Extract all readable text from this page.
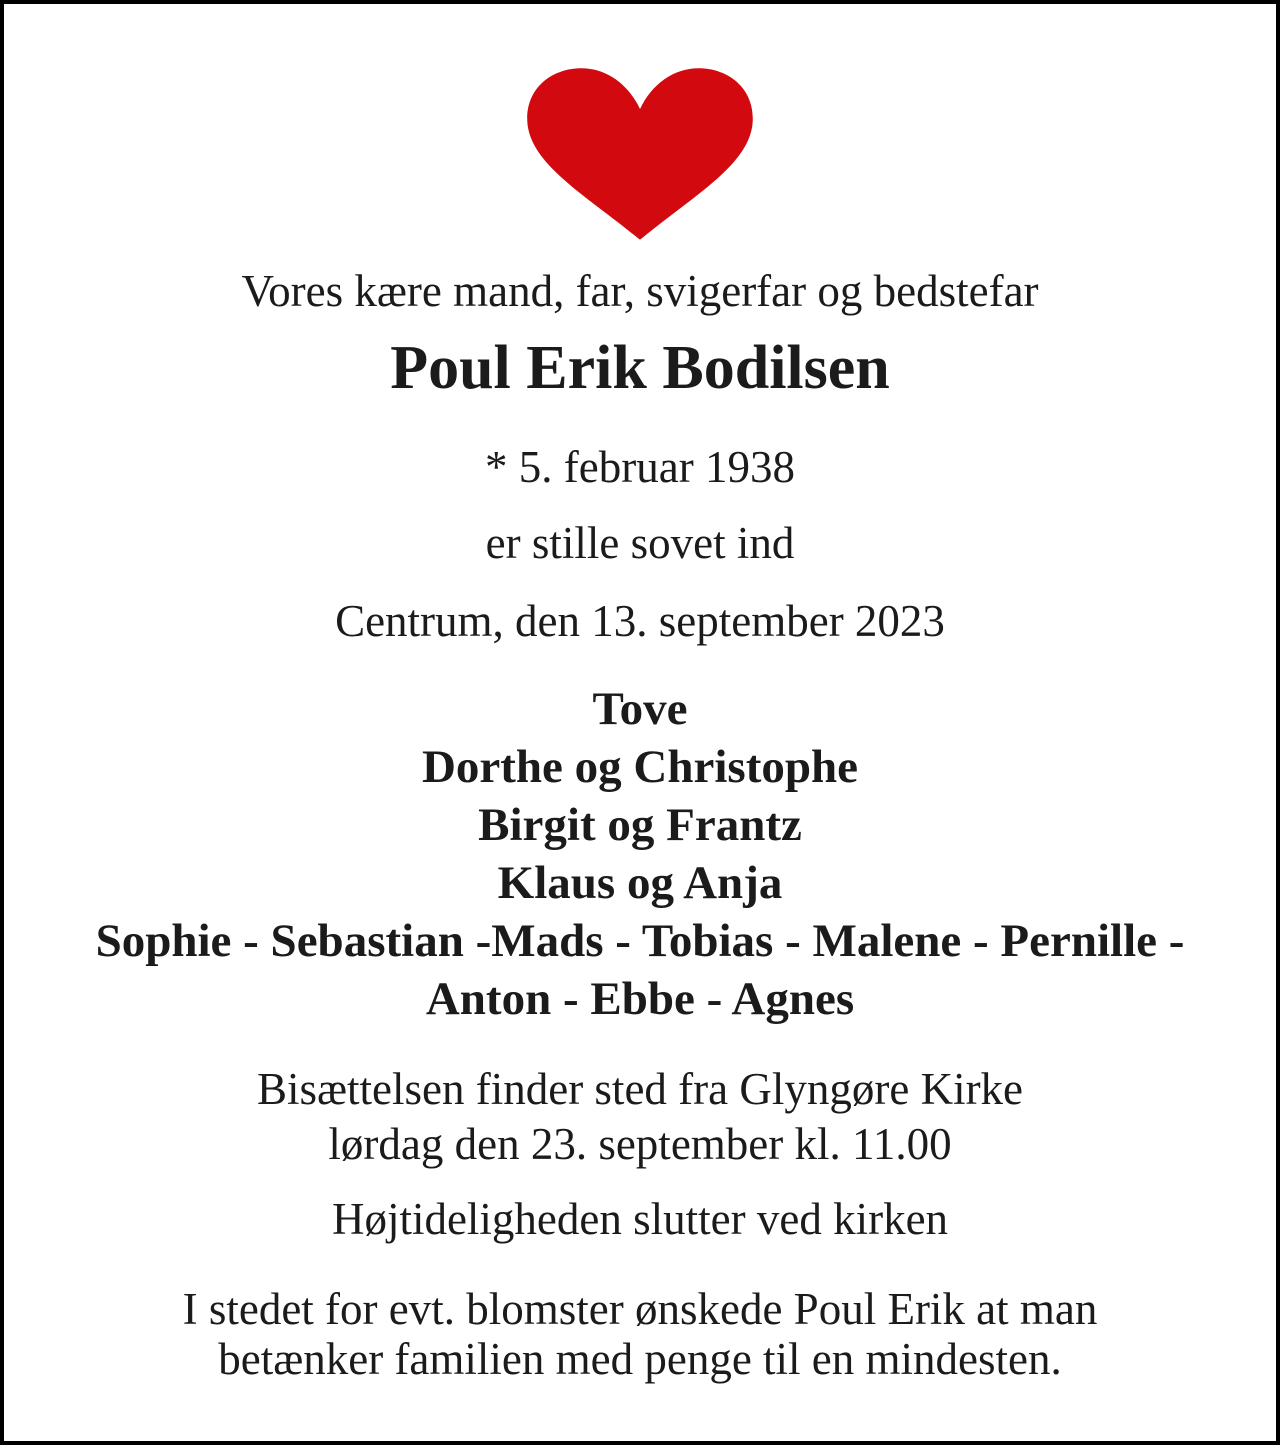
Vores kære mand, far, svigerfar og bedstefar
Poul Erik Bodilsen
* 5. februar 1938
er stille sovet ind
Centrum, den 13. september 2023
Tove
Dorthe og Christophe
Birgit og Frantz
Klaus og Anja
Sophie - Sebastian -Mads - Tobias - Malene - Pernille -
Anton - Ebbe - Agnes
Bisættelsen finder sted fra Glyngøre Kirke
lørdag den 23. september kl. 11.00
Højtideligheden slutter ved kirken
I stedet for evt. blomster ønskede Poul Erik at man betænker familien med penge til en mindesten.
